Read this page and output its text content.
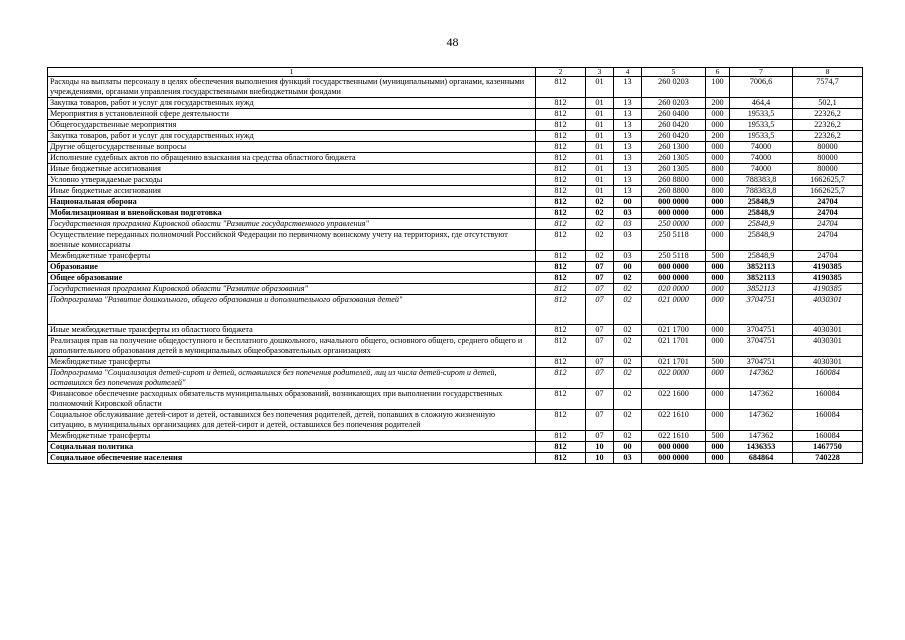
48
1	2	3	4	5	6	7	8
Расходы на выплаты персоналу в целях обеспечения выполнения функций государственными (муниципальными) органами, казенными учреждениями, органами управления государственными внебюджетными фондами	812	01	13	260 0203	100	7006,6	7574,7
Закупка товаров, работ и услуг для государственных нужд	812	01	13	260 0203	200	464,4	502,1
Мероприятия в установленной сфере деятельности	812	01	13	260 0400	000	19533,5	22326,2
Общегосударственные мероприятия	812	01	13	260 0420	000	19533,5	22326,2
Закупка товаров, работ и услуг для государственных нужд	812	01	13	260 0420	200	19533,5	22326,2
Другие общегосударственные вопросы	812	01	13	260 1300	000	74000	80000
Исполнение судебных актов по обращению взыскания на средства областного бюджета	812	01	13	260 1305	000	74000	80000
Иные бюджетные ассигнования	812	01	13	260 1305	800	74000	80000
Условно утверждаемые расходы	812	01	13	260 8800	000	788383,8	1662625,7
Иные бюджетные ассигнования	812	01	13	260 8800	800	788383,8	1662625,7
Национальная оборона	812	02	00	000 0000	000	25848,9	24704
Мобилизационная и вневойсковая подготовка	812	02	03	000 0000	000	25848,9	24704
Государственная программа Кировской области "Развитие государственного управления"	812	02	03	250 0000	000	25848,9	24704
Осуществление переданных полномочий Российской Федерации по первичному воинскому учету на территориях, где отсутствуют военные комиссариаты	812	02	03	250 5118	000	25848,9	24704
Межбюджетные трансферты	812	02	03	250 5118	500	25848,9	24704
Образование	812	07	00	000 0000	000	3852113	4190385
Общее образование	812	07	02	000 0000	000	3852113	4190385
Государственная программа Кировской области "Развитие образования"	812	07	02	020 0000	000	3852113	4190385
Подпрограмма "Развитие дошкольного, общего образования и дополнительного образования детей"	812	07	02	021 0000	000	3704751	4030301
Иные межбюджетные трансферты из областного бюджета	812	07	02	021 1700	000	3704751	4030301
Реализация прав на получение общедоступного и бесплатного дошкольного, начального общего, основного общего, среднего общего и дополнительного образования детей в муниципальных общеобразовательных организациях	812	07	02	021 1701	000	3704751	4030301
Межбюджетные трансферты	812	07	02	021 1701	500	3704751	4030301
Подпрограмма "Социализация детей-сирот и детей, оставшихся без попечения родителей, лиц из числа детей-сирот и детей, оставшихся без попечения родителей"	812	07	02	022 0000	000	147362	160084
Финансовое обеспечение расходных обязательств муниципальных образований, возникающих при выполнении государственных полномочий Кировской области	812	07	02	022 1600	000	147362	160084
Социальное обслуживание детей-сирот и детей, оставшихся без попечения родителей, детей, попавших в сложную жизненную ситуацию, в муниципальных организациях для детей-сирот и детей, оставшихся без попечения родителей	812	07	02	022 1610	000	147362	160084
Межбюджетные трансферты	812	07	02	022 1610	500	147362	160084
Социальная политика	812	10	00	000 0000	000	1436353	1467750
Социальное обеспечение населения	812	10	03	000 0000	000	684864	740228
